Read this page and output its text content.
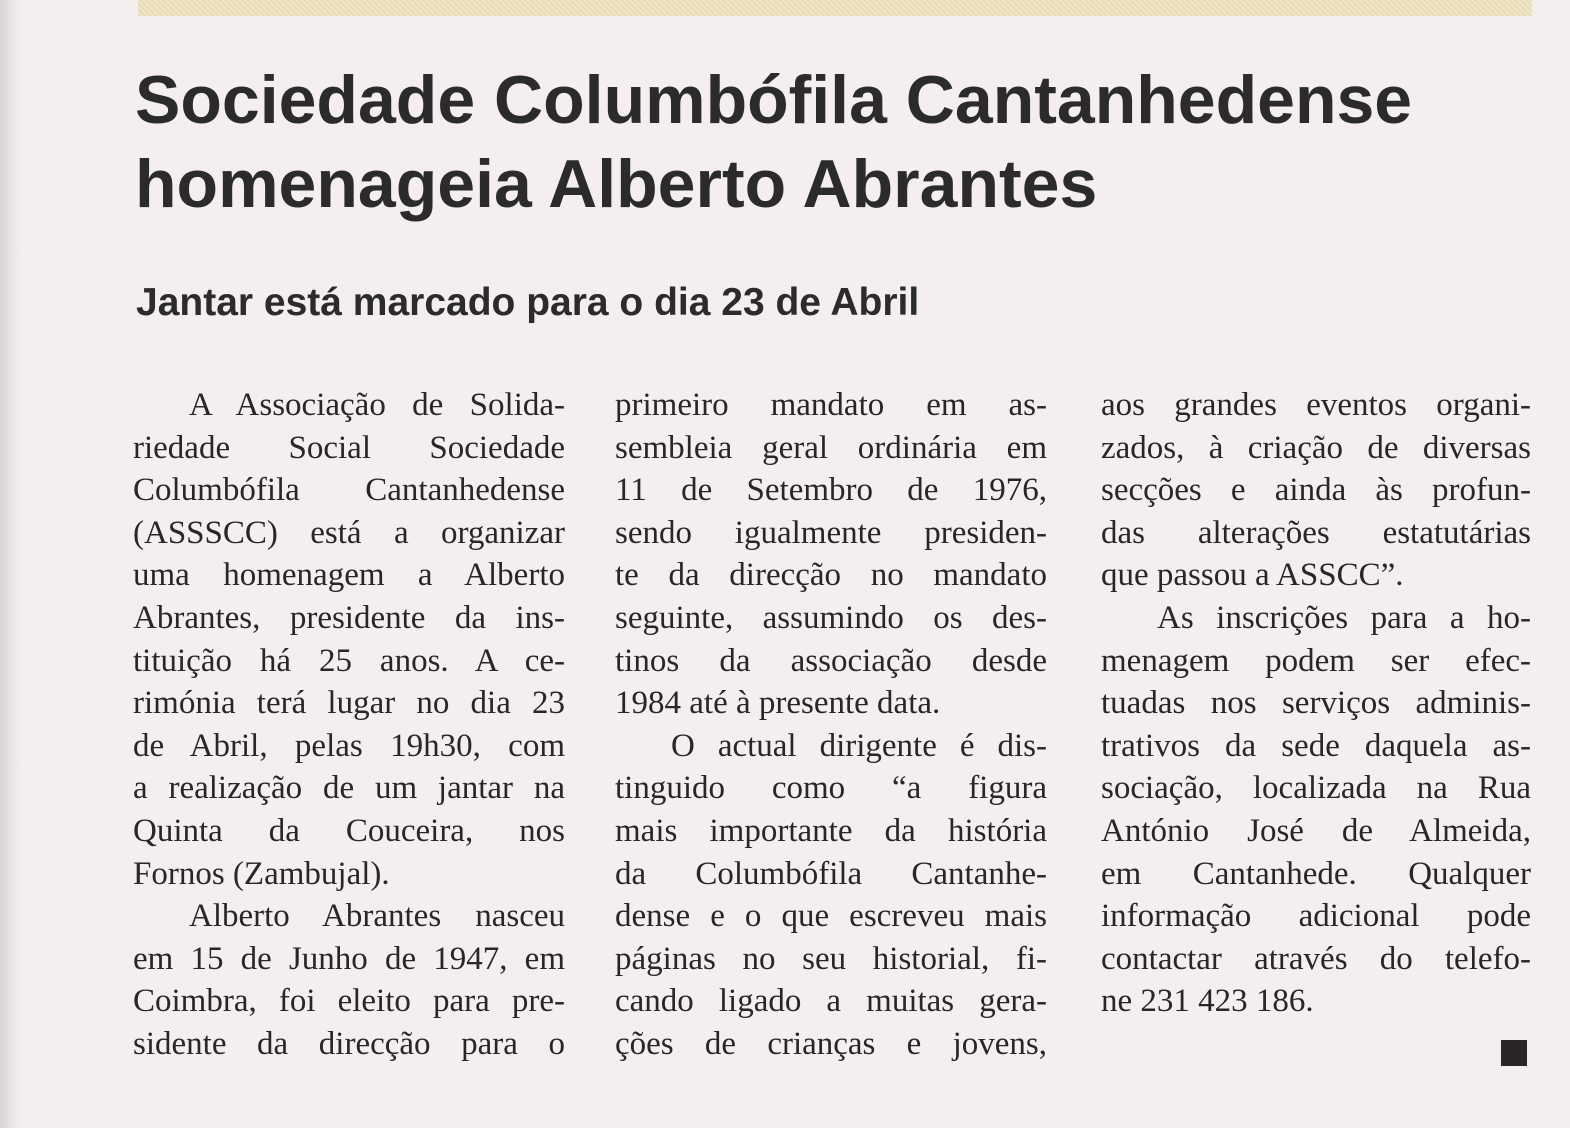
Sociedade Columbófila Cantanhedense
homenageia Alberto Abrantes
Jantar está marcado para o dia 23 de Abril
A Associação de Solida-
riedade Social Sociedade
Columbófila Cantanhedense
(ASSSCC) está a organizar
uma homenagem a Alberto
Abrantes, presidente da ins-
tituição há 25 anos. A ce-
rimónia terá lugar no dia 23
de Abril, pelas 19h30, com
a realização de um jantar na
Quinta da Couceira, nos
Fornos (Zambujal).
Alberto Abrantes nasceu
em 15 de Junho de 1947, em
Coimbra, foi eleito para pre-
sidente da direcção para o
primeiro mandato em as-
sembleia geral ordinária em
11 de Setembro de 1976,
sendo igualmente presiden-
te da direcção no mandato
seguinte, assumindo os des-
tinos da associação desde
1984 até à presente data.
O actual dirigente é dis-
tinguido como “a figura
mais importante da história
da Columbófila Cantanhe-
dense e o que escreveu mais
páginas no seu historial, fi-
cando ligado a muitas gera-
ções de crianças e jovens,
aos grandes eventos organi-
zados, à criação de diversas
secções e ainda às profun-
das alterações estatutárias
que passou a ASSCC”.
As inscrições para a ho-
menagem podem ser efec-
tuadas nos serviços adminis-
trativos da sede daquela as-
sociação, localizada na Rua
António José de Almeida,
em Cantanhede. Qualquer
informação adicional pode
contactar através do telefo-
ne 231 423 186.
